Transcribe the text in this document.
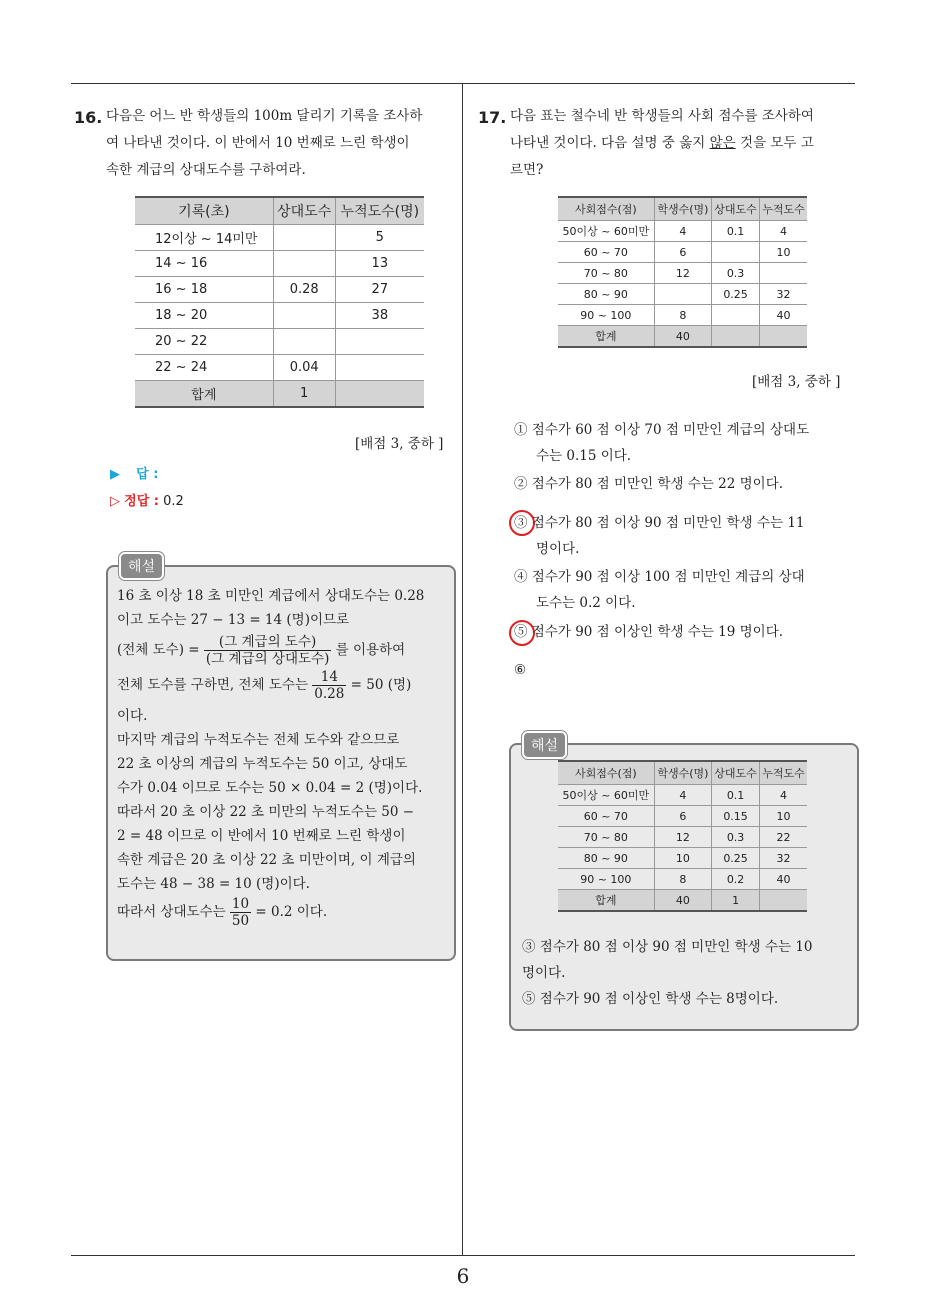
16. 다음은 어느 반 학생들의 100m 달리기 기록을 조사하
여 나타낸 것이다. 이 반에서 10 번째로 느린 학생이
속한 계급의 상대도수를 구하여라.
기록(초)	상대도수	누적도수(명)
12이상 ~ 14미만		5
14 ~ 16		13
16 ~ 18	0.28	27
18 ~ 20		38
20 ~ 22		
22 ~ 24	0.04	
합계	1	
[배점 3, 중하 ]
▶ 답 :
▷ 정답 : 0.2
해설
16 초 이상 18 초 미만인 계급에서 상대도수는 0.28
이고 도수는 27 − 13 = 14 (명)이므로
(전체 도수) = $\frac{\text{(그 계급의 도수)}}{\text{(그 계급의 상대도수)}}$ 를 이용하여
전체 도수를 구하면, 전체 도수는 $\frac{14}{0.28} = 50$ (명)
이다.
마지막 계급의 누적도수는 전체 도수와 같으므로
22 초 이상의 계급의 누적도수는 50 이고, 상대도
수가 0.04 이므로 도수는 50 × 0.04 = 2 (명)이다.
따라서 20 초 이상 22 초 미만의 누적도수는 50 −
2 = 48 이므로 이 반에서 10 번째로 느린 학생이
속한 계급은 20 초 이상 22 초 미만이며, 이 계급의
도수는 48 − 38 = 10 (명)이다.
따라서 상대도수는 $\frac{10}{50} = 0.2$ 이다.
17. 다음 표는 철수네 반 학생들의 사회 점수를 조사하여
나타낸 것이다. 다음 설명 중 옳지 않은 것을 모두 고
르면?
사회점수(점)	학생수(명)	상대도수	누적도수
50이상 ~ 60미만	4	0.1	4
60 ~ 70	6		10
70 ~ 80	12	0.3	
80 ~ 90		0.25	32
90 ~ 100	8		40
합계	40		
[배점 3, 중하 ]
① 점수가 60 점 이상 70 점 미만인 계급의 상대도
수는 0.15 이다.
② 점수가 80 점 미만인 학생 수는 22 명이다.
③ 점수가 80 점 이상 90 점 미만인 학생 수는 11
명이다.
④ 점수가 90 점 이상 100 점 미만인 계급의 상대
도수는 0.2 이다.
⑤ 점수가 90 점 이상인 학생 수는 19 명이다.
⑥
해설
사회점수(점)	학생수(명)	상대도수	누적도수
50이상 ~ 60미만	4	0.1	4
60 ~ 70	6	0.15	10
70 ~ 80	12	0.3	22
80 ~ 90	10	0.25	32
90 ~ 100	8	0.2	40
합계	40	1	
③ 점수가 80 점 이상 90 점 미만인 학생 수는 10
명이다.
⑤ 점수가 90 점 이상인 학생 수는 8명이다.
6
